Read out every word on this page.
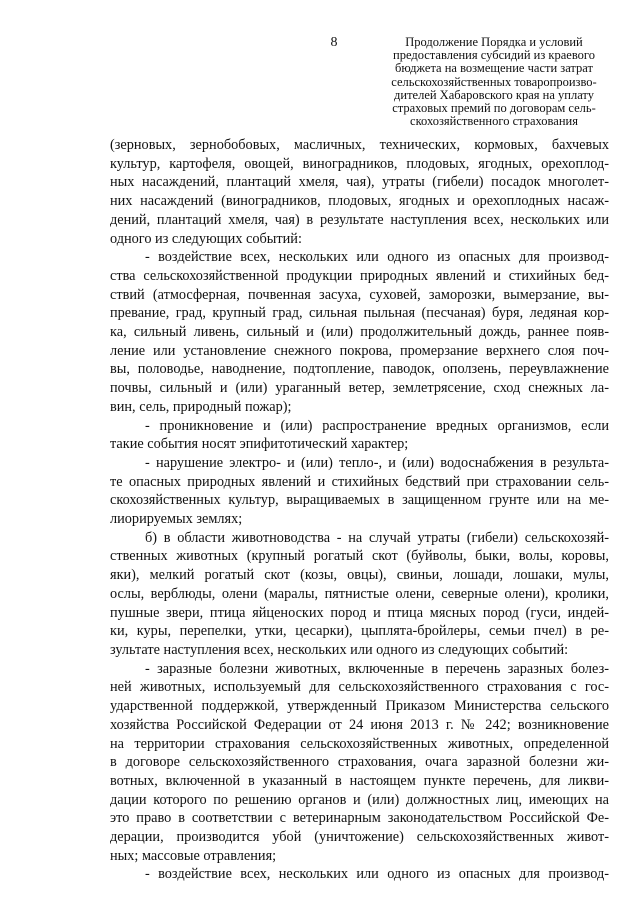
8	Продолжение Порядка и условий
предоставления субсидий из краевого
бюджета на возмещение части затрат
сельскохозяйственных товаропроизво-
дителей Хабаровского края на уплату
страховых премий по договорам сель-
скохозяйственного страхования
(зерновых, зернобобовых, масличных, технических, кормовых, бахчевых
культур, картофеля, овощей, виноградников, плодовых, ягодных, орехоплод-
ных насаждений, плантаций хмеля, чая), утраты (гибели) посадок многолет-
них насаждений (виноградников, плодовых, ягодных и орехоплодных насаж-
дений, плантаций хмеля, чая) в результате наступления всех, нескольких или
одного из следующих событий:
- воздействие всех, нескольких или одного из опасных для производ-
ства сельскохозяйственной продукции природных явлений и стихийных бед-
ствий (атмосферная, почвенная засуха, суховей, заморозки, вымерзание, вы-
превание, град, крупный град, сильная пыльная (песчаная) буря, ледяная кор-
ка, сильный ливень, сильный и (или) продолжительный дождь, раннее появ-
ление или установление снежного покрова, промерзание верхнего слоя поч-
вы, половодье, наводнение, подтопление, паводок, оползень, переувлажнение
почвы, сильный и (или) ураганный ветер, землетрясение, сход снежных ла-
вин, сель, природный пожар);
- проникновение и (или) распространение вредных организмов, если
такие события носят эпифитотический характер;
- нарушение электро- и (или) тепло-, и (или) водоснабжения в результа-
те опасных природных явлений и стихийных бедствий при страховании сель-
скохозяйственных культур, выращиваемых в защищенном грунте или на ме-
лиорируемых землях;
б) в области животноводства - на случай утраты (гибели) сельскохозяй-
ственных животных (крупный рогатый скот (буйволы, быки, волы, коровы,
яки), мелкий рогатый скот (козы, овцы), свиньи, лошади, лошаки, мулы,
ослы, верблюды, олени (маралы, пятнистые олени, северные олени), кролики,
пушные звери, птица яйценоских пород и птица мясных пород (гуси, индей-
ки, куры, перепелки, утки, цесарки), цыплята-бройлеры, семьи пчел) в ре-
зультате наступления всех, нескольких или одного из следующих событий:
- заразные болезни животных, включенные в перечень заразных болез-
ней животных, используемый для сельскохозяйственного страхования с гос-
ударственной поддержкой, утвержденный Приказом Министерства сельского
хозяйства Российской Федерации от 24 июня 2013 г. № 242; возникновение
на территории страхования сельскохозяйственных животных, определенной
в договоре сельскохозяйственного страхования, очага заразной болезни жи-
вотных, включенной в указанный в настоящем пункте перечень, для ликви-
дации которого по решению органов и (или) должностных лиц, имеющих на
это право в соответствии с ветеринарным законодательством Российской Фе-
дерации, производится убой (уничтожение) сельскохозяйственных живот-
ных; массовые отравления;
- воздействие всех, нескольких или одного из опасных для производ-
